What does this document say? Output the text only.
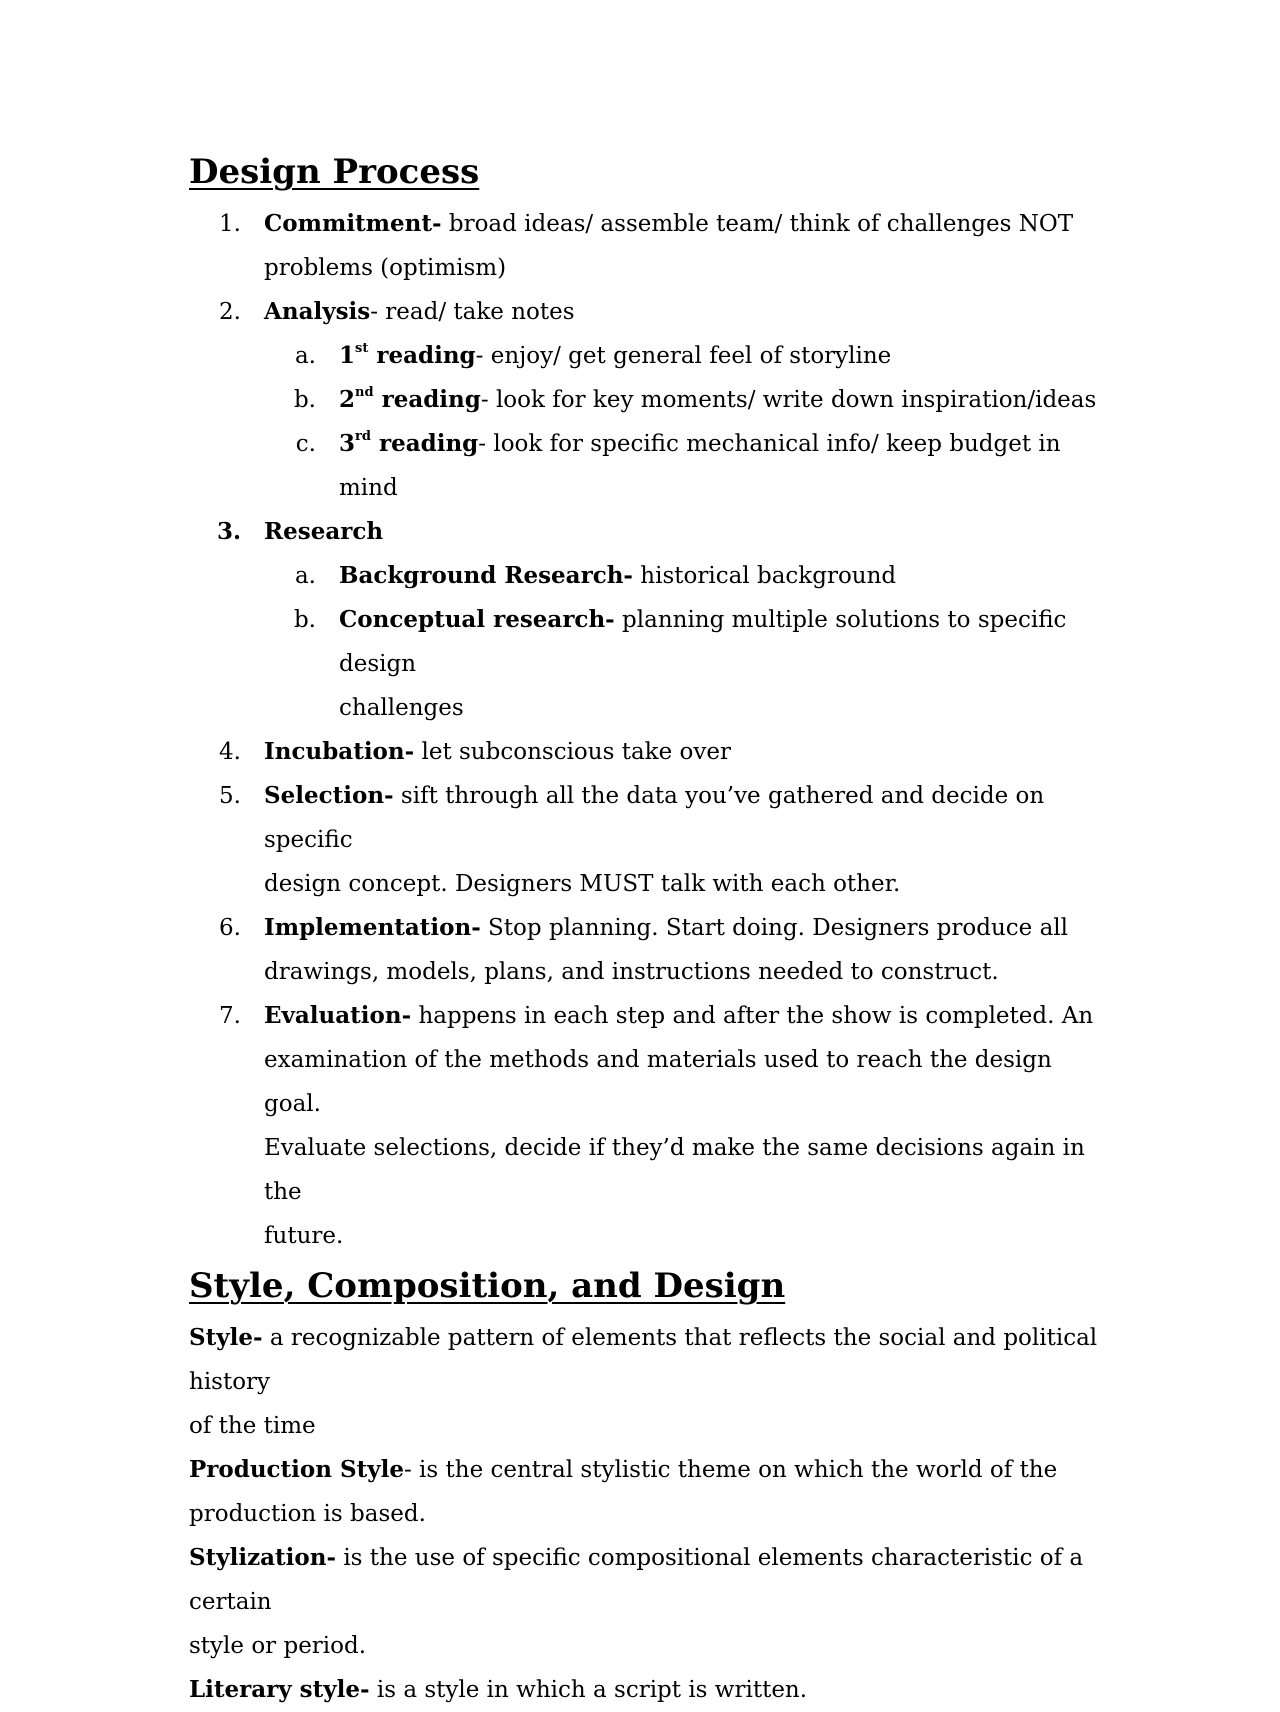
Design Process
1. Commitment- broad ideas/ assemble team/ think of challenges NOT
problems (optimism)
2. Analysis- read/ take notes
a. 1st reading- enjoy/ get general feel of storyline
b. 2nd reading- look for key moments/ write down inspiration/ideas
c. 3rd reading- look for specific mechanical info/ keep budget in mind
3. Research
a. Background Research- historical background
b. Conceptual research- planning multiple solutions to specific design
challenges
4. Incubation- let subconscious take over
5. Selection- sift through all the data you’ve gathered and decide on specific
design concept. Designers MUST talk with each other.
6. Implementation- Stop planning. Start doing. Designers produce all
drawings, models, plans, and instructions needed to construct.
7. Evaluation- happens in each step and after the show is completed. An
examination of the methods and materials used to reach the design goal.
Evaluate selections, decide if they’d make the same decisions again in the
future.
Style, Composition, and Design
Style- a recognizable pattern of elements that reflects the social and political history
of the time
Production Style- is the central stylistic theme on which the world of the
production is based.
Stylization- is the use of specific compositional elements characteristic of a certain
style or period.
Literary style- is a style in which a script is written.
